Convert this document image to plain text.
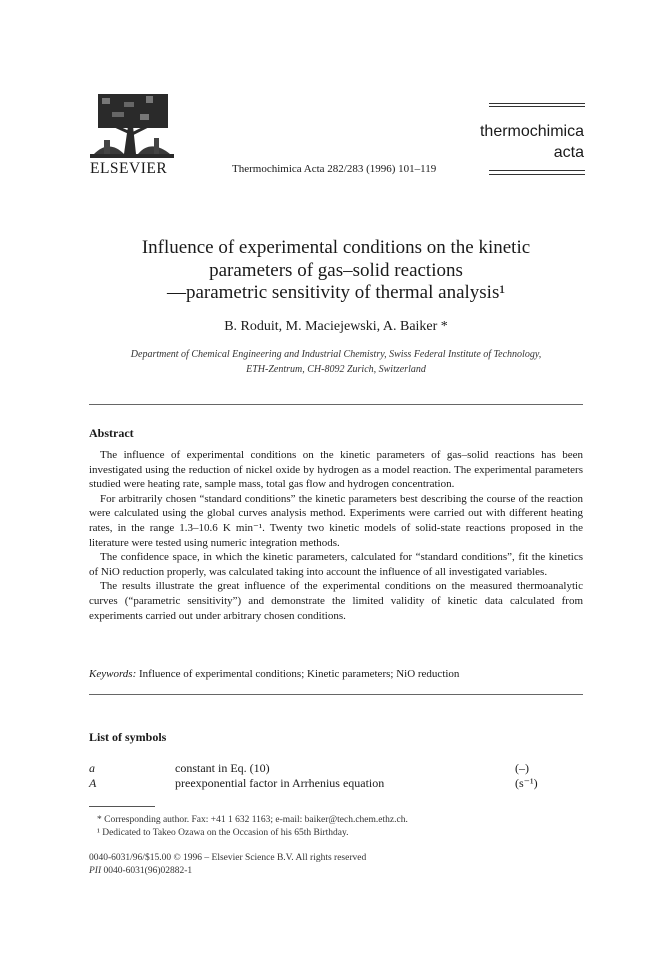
ELSEVIER	Thermochimica Acta 282/283 (1996) 101–119
thermochimica
acta
Influence of experimental conditions on the kinetic
parameters of gas–solid reactions
—parametric sensitivity of thermal analysis¹
B. Roduit, M. Maciejewski, A. Baiker *
Department of Chemical Engineering and Industrial Chemistry, Swiss Federal Institute of Technology,
ETH-Zentrum, CH-8092 Zurich, Switzerland
Abstract

The influence of experimental conditions on the kinetic parameters of gas–solid reactions has been investigated using the reduction of nickel oxide by hydrogen as a model reaction. The experimental parameters studied were heating rate, sample mass, total gas flow and hydrogen concentration.

For arbitrarily chosen “standard conditions” the kinetic parameters best describing the course of the reaction were calculated using the global curves analysis method. Experiments were carried out with different heating rates, in the range 1.3–10.6 K min⁻¹. Twenty two kinetic models of solid-state reactions proposed in the literature were tested using numeric integration methods.

The confidence space, in which the kinetic parameters, calculated for “standard conditions”, fit the kinetics of NiO reduction properly, was calculated taking into account the influence of all investigated variables.

The results illustrate the great influence of the experimental conditions on the measured thermoanalytic curves (“parametric sensitivity”) and demonstrate the limited validity of kinetic data calculated from experiments carried out under arbitrary chosen conditions.

Keywords: Influence of experimental conditions; Kinetic parameters; NiO reduction
List of symbols
a	constant in Eq. (10)	(–)
A	preexponential factor in Arrhenius equation	(s⁻¹)
* Corresponding author. Fax: +41 1 632 1163; e-mail: baiker@tech.chem.ethz.ch.
¹ Dedicated to Takeo Ozawa on the Occasion of his 65th Birthday.
0040-6031/96/$15.00 © 1996 – Elsevier Science B.V. All rights reserved
PII 0040-6031(96)02882-1
